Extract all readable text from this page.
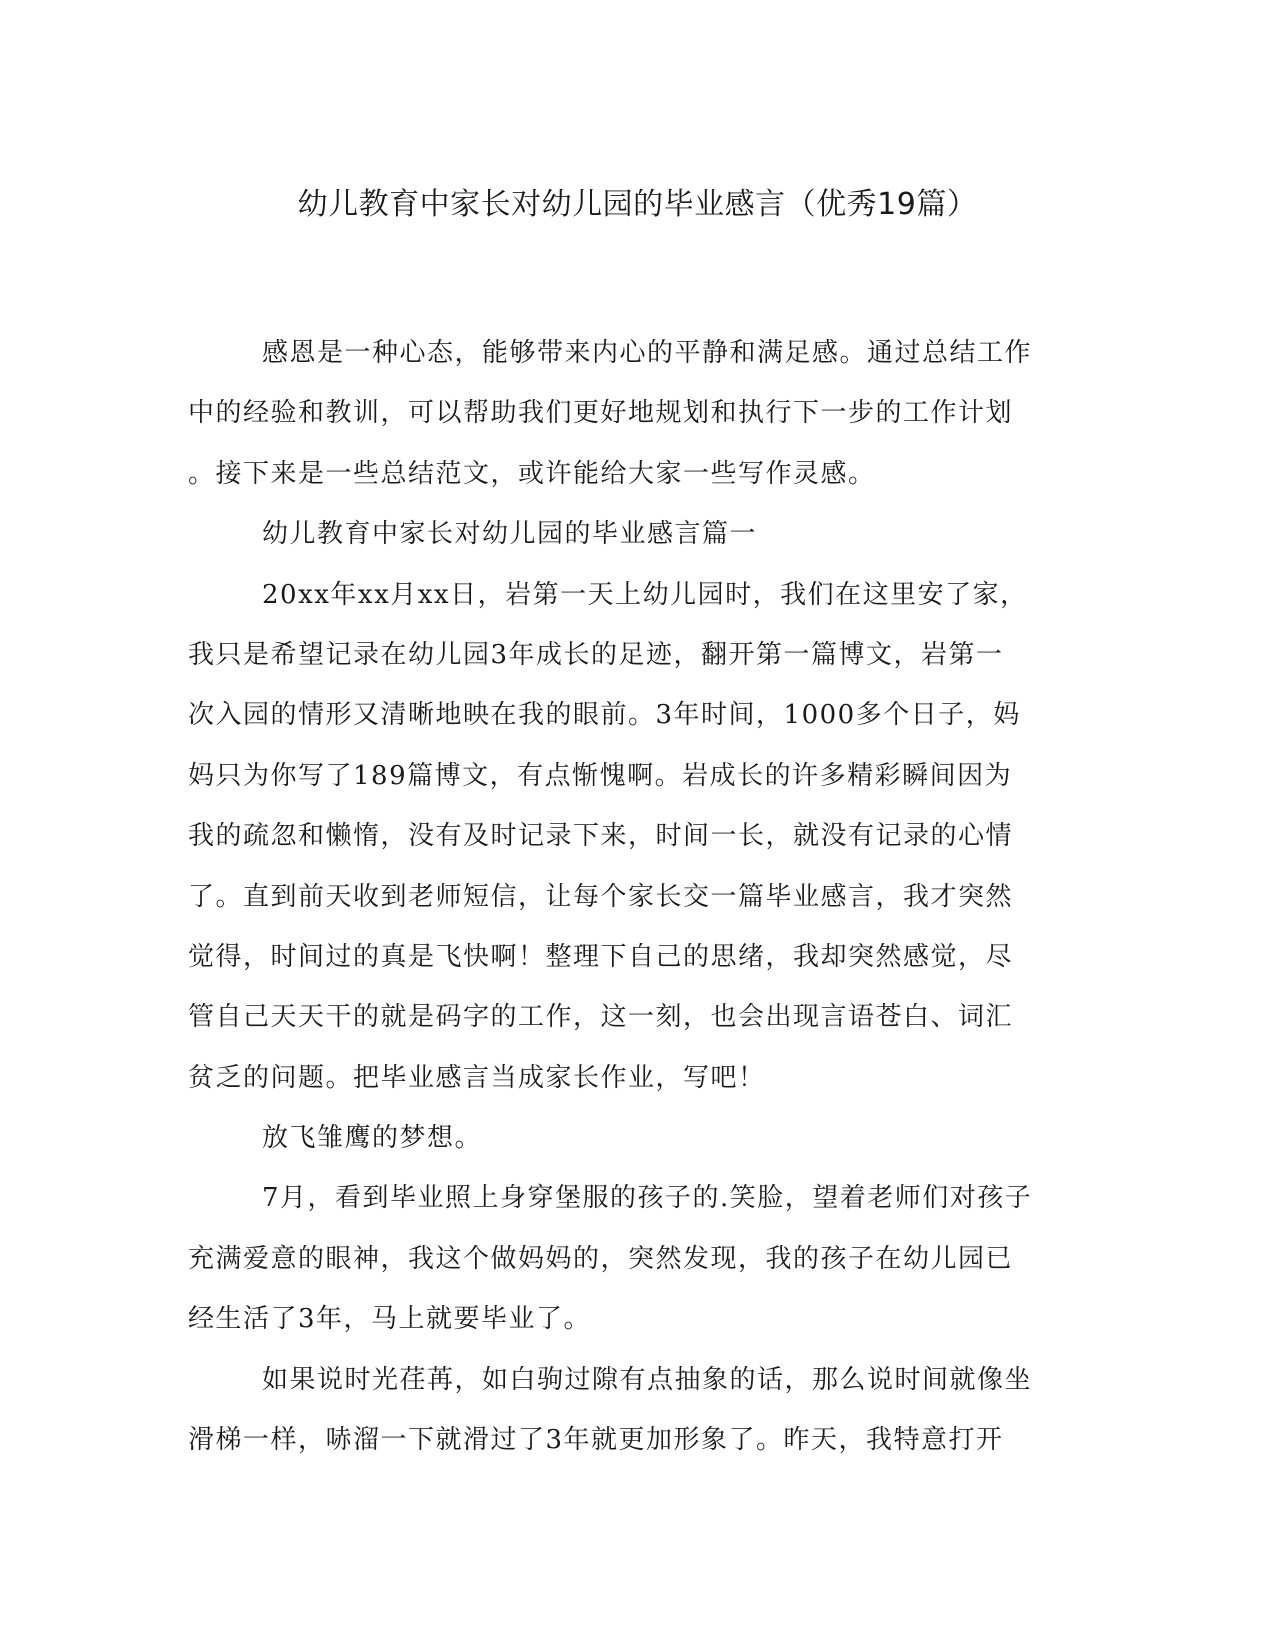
幼儿教育中家长对幼儿园的毕业感言（优秀19篇）
感恩是一种心态，能够带来内心的平静和满足感。通过总结工作
中的经验和教训，可以帮助我们更好地规划和执行下一步的工作计划
。接下来是一些总结范文，或许能给大家一些写作灵感。
幼儿教育中家长对幼儿园的毕业感言篇一
20xx年xx月xx日，岩第一天上幼儿园时，我们在这里安了家，
我只是希望记录在幼儿园3年成长的足迹，翻开第一篇博文，岩第一
次入园的情形又清晰地映在我的眼前。3年时间，1000多个日子，妈
妈只为你写了189篇博文，有点惭愧啊。岩成长的许多精彩瞬间因为
我的疏忽和懒惰，没有及时记录下来，时间一长，就没有记录的心情
了。直到前天收到老师短信，让每个家长交一篇毕业感言，我才突然
觉得，时间过的真是飞快啊！整理下自己的思绪，我却突然感觉，尽
管自己天天干的就是码字的工作，这一刻，也会出现言语苍白、词汇
贫乏的问题。把毕业感言当成家长作业，写吧！
放飞雏鹰的梦想。
7月，看到毕业照上身穿堡服的孩子的.笑脸，望着老师们对孩子
充满爱意的眼神，我这个做妈妈的，突然发现，我的孩子在幼儿园已
经生活了3年，马上就要毕业了。
如果说时光荏苒，如白驹过隙有点抽象的话，那么说时间就像坐
滑梯一样，哧溜一下就滑过了3年就更加形象了。昨天，我特意打开
